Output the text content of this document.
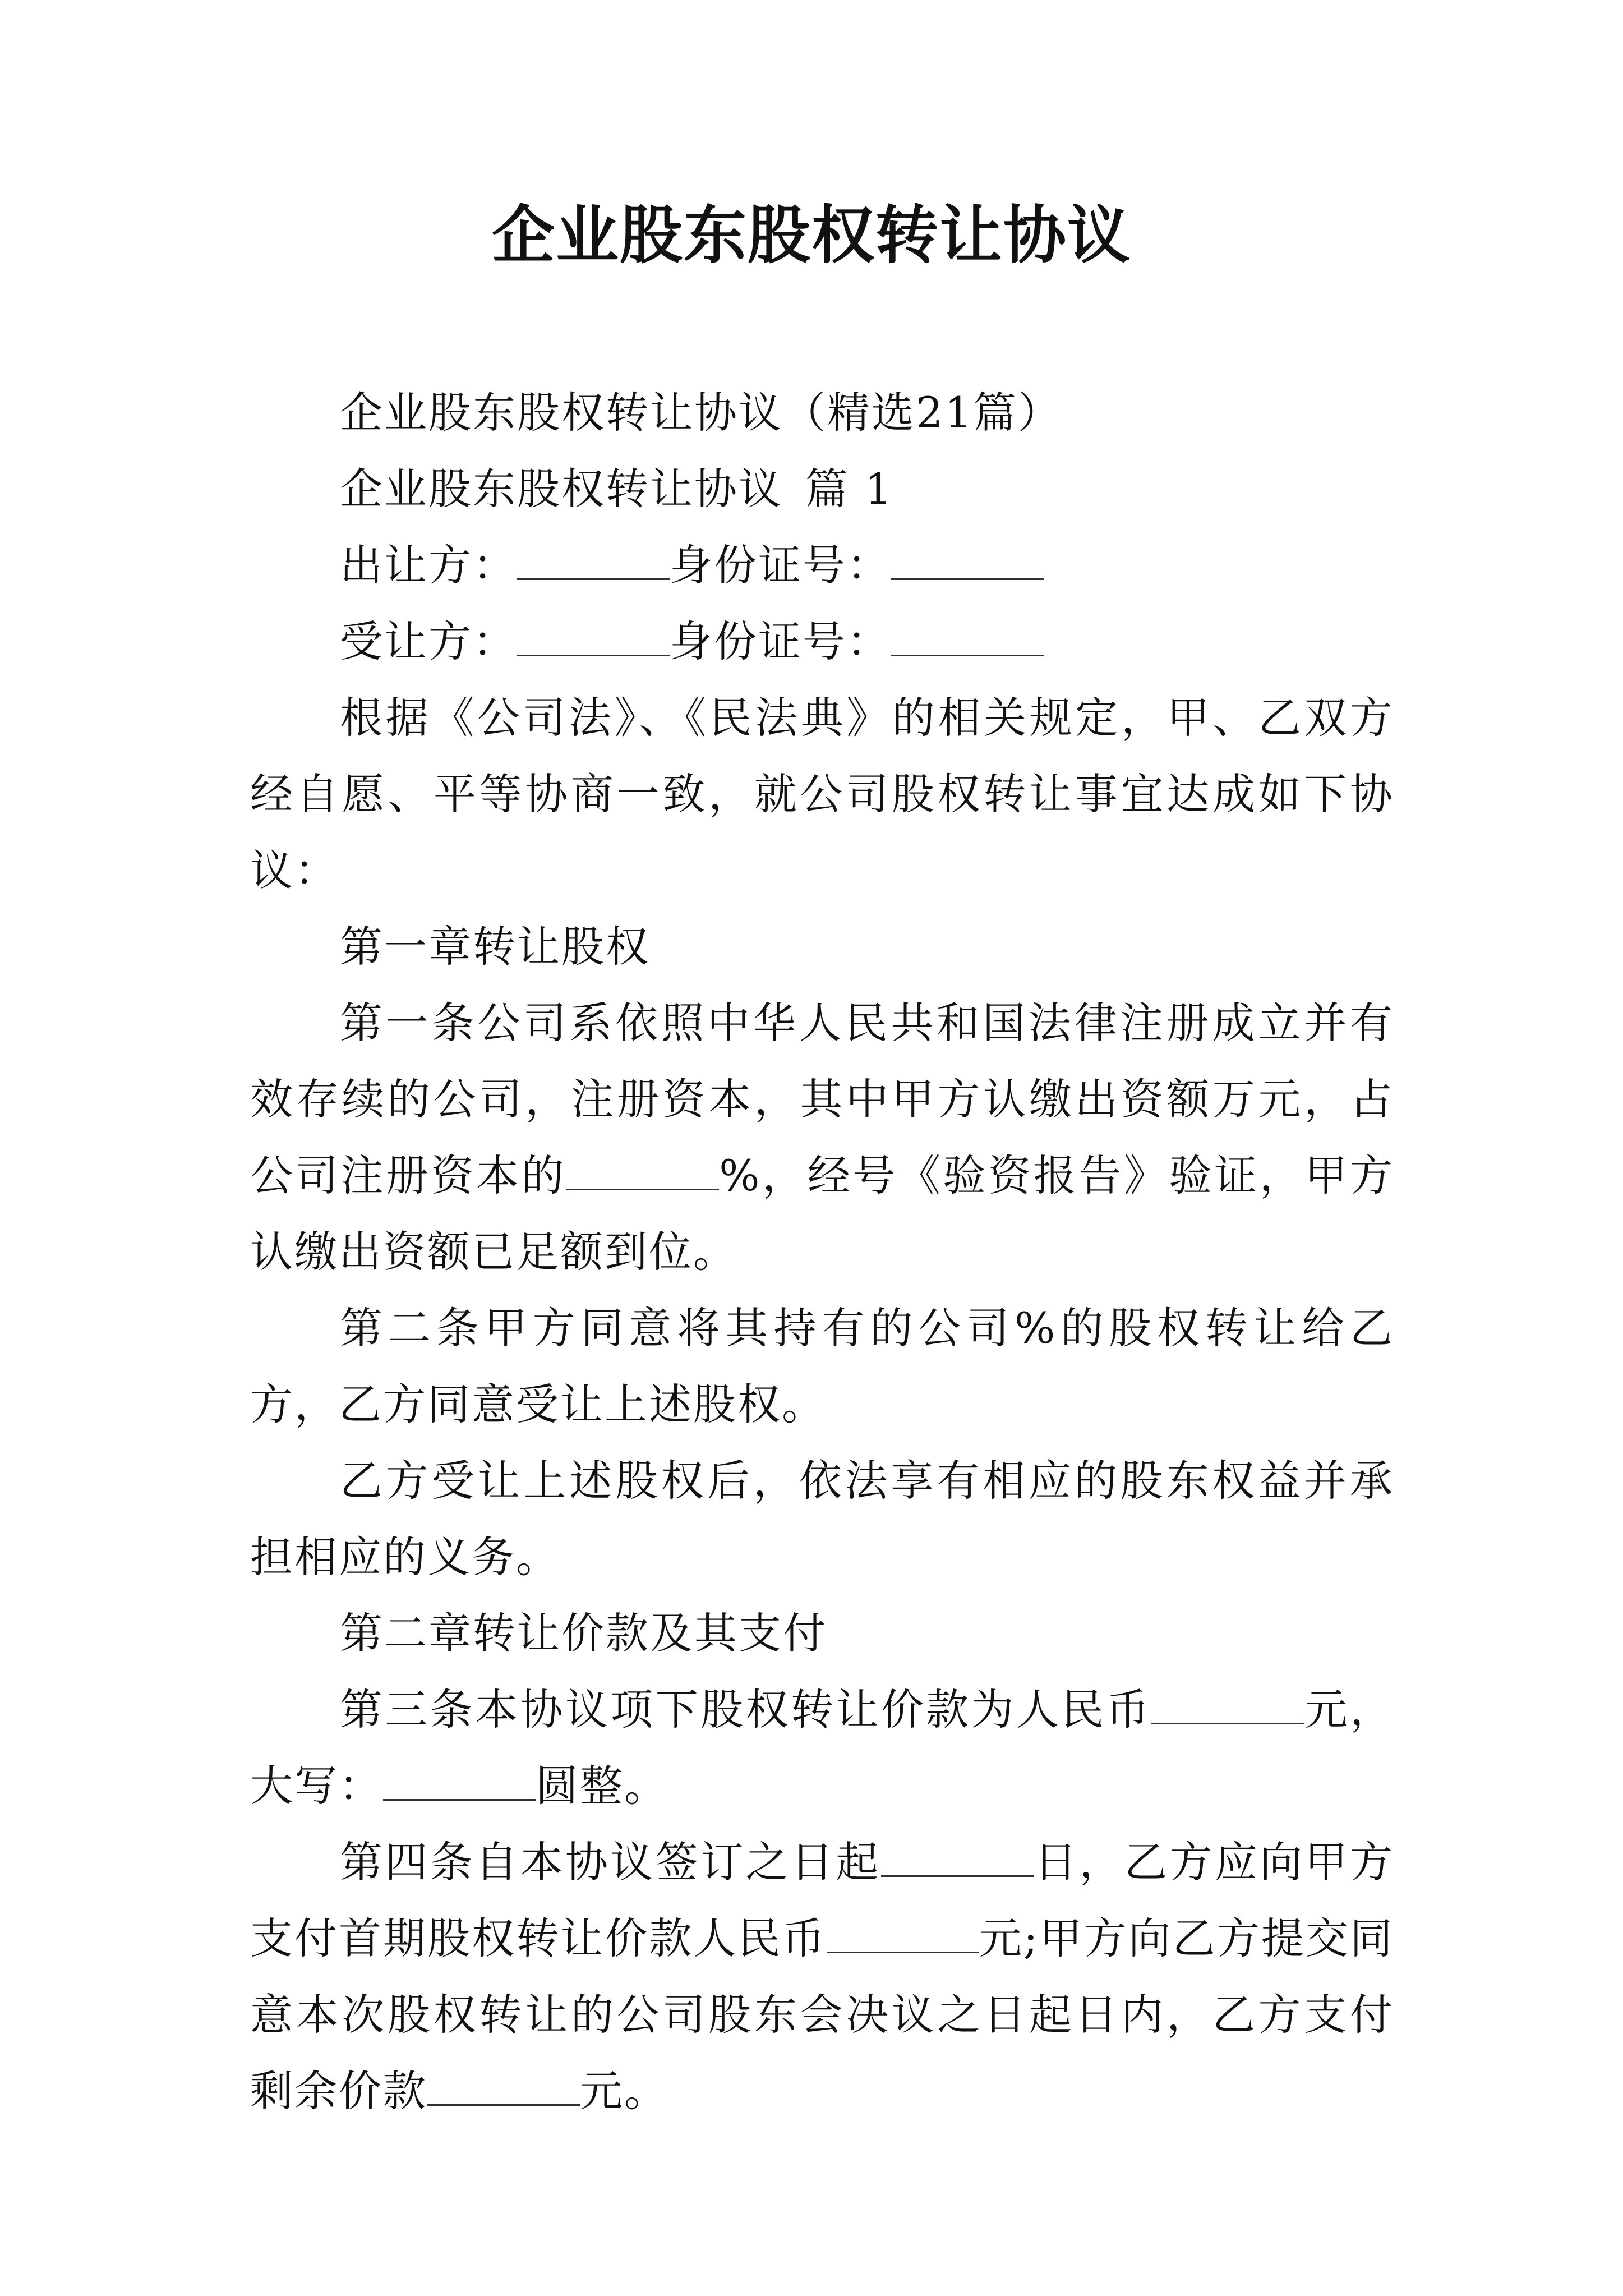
企业股东股权转让协议

企业股东股权转让协议（精选21篇）

企业股东股权转让协议 篇 1

出让方：	身份证号：

受让方：	身份证号：

根据《公司法》、《民法典》的相关规定，甲、乙双方经自愿、平等协商一致，就公司股权转让事宜达成如下协议：

第一章转让股权

第一条公司系依照中华人民共和国法律注册成立并有效存续的公司，注册资本，其中甲方认缴出资额万元，占公司注册资本的	%，经号《验资报告》验证，甲方认缴出资额已足额到位。

第二条甲方同意将其持有的公司%的股权转让给乙方，乙方同意受让上述股权。

乙方受让上述股权后，依法享有相应的股东权益并承担相应的义务。

第二章转让价款及其支付

第三条本协议项下股权转让价款为人民币	元，大写：	圆整。

第四条自本协议签订之日起	日，乙方应向甲方支付首期股权转让价款人民币	元;甲方向乙方提交同意本次股权转让的公司股东会决议之日起日内，乙方支付剩余价款	元。
